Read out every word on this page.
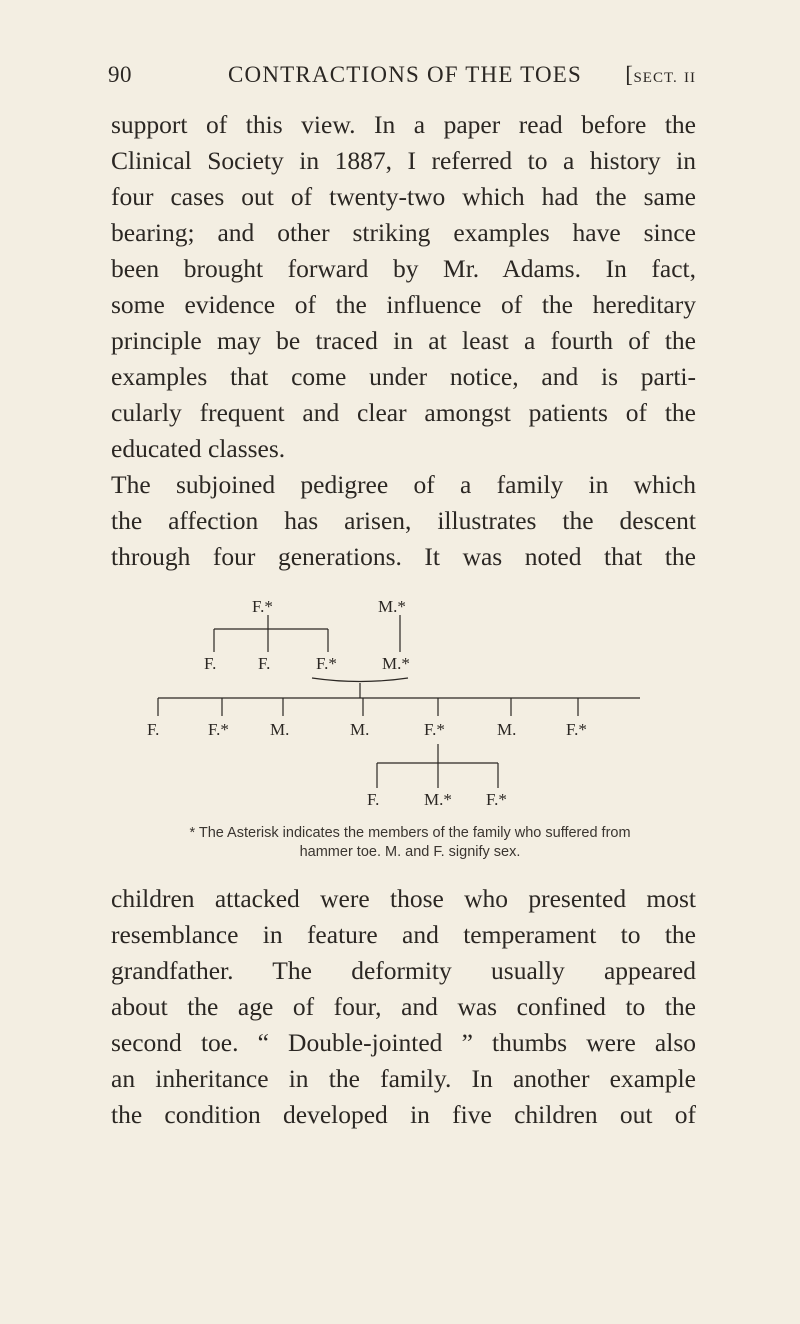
90	CONTRACTIONS OF THE TOES [SECT. II
support of this view. In a paper read before the
Clinical Society in 1887, I referred to a history in
four cases out of twenty-two which had the same
bearing; and other striking examples have since
been brought forward by Mr. Adams. In fact,
some evidence of the influence of the hereditary
principle may be traced in at least a fourth of the
examples that come under notice, and is parti-
cularly frequent and clear amongst patients of the
educated classes.
The subjoined pedigree of a family in which
the affection has arisen, illustrates the descent
through four generations. It was noted that the
F.*	M.*
F. F.	F.*	M.*
F.	F.* M.	M.	F.*	M.	F.*
F.	M.* F.*
* The Asterisk indicates the members of the family who suffered from
hammer toe. M. and F. signify sex.
children attacked were those who presented most
resemblance in feature and temperament to the
grandfather. The deformity usually appeared
about the age of four, and was confined to the
second toe. “ Double-jointed ” thumbs were also
an inheritance in the family. In another example
the condition developed in five children out of
